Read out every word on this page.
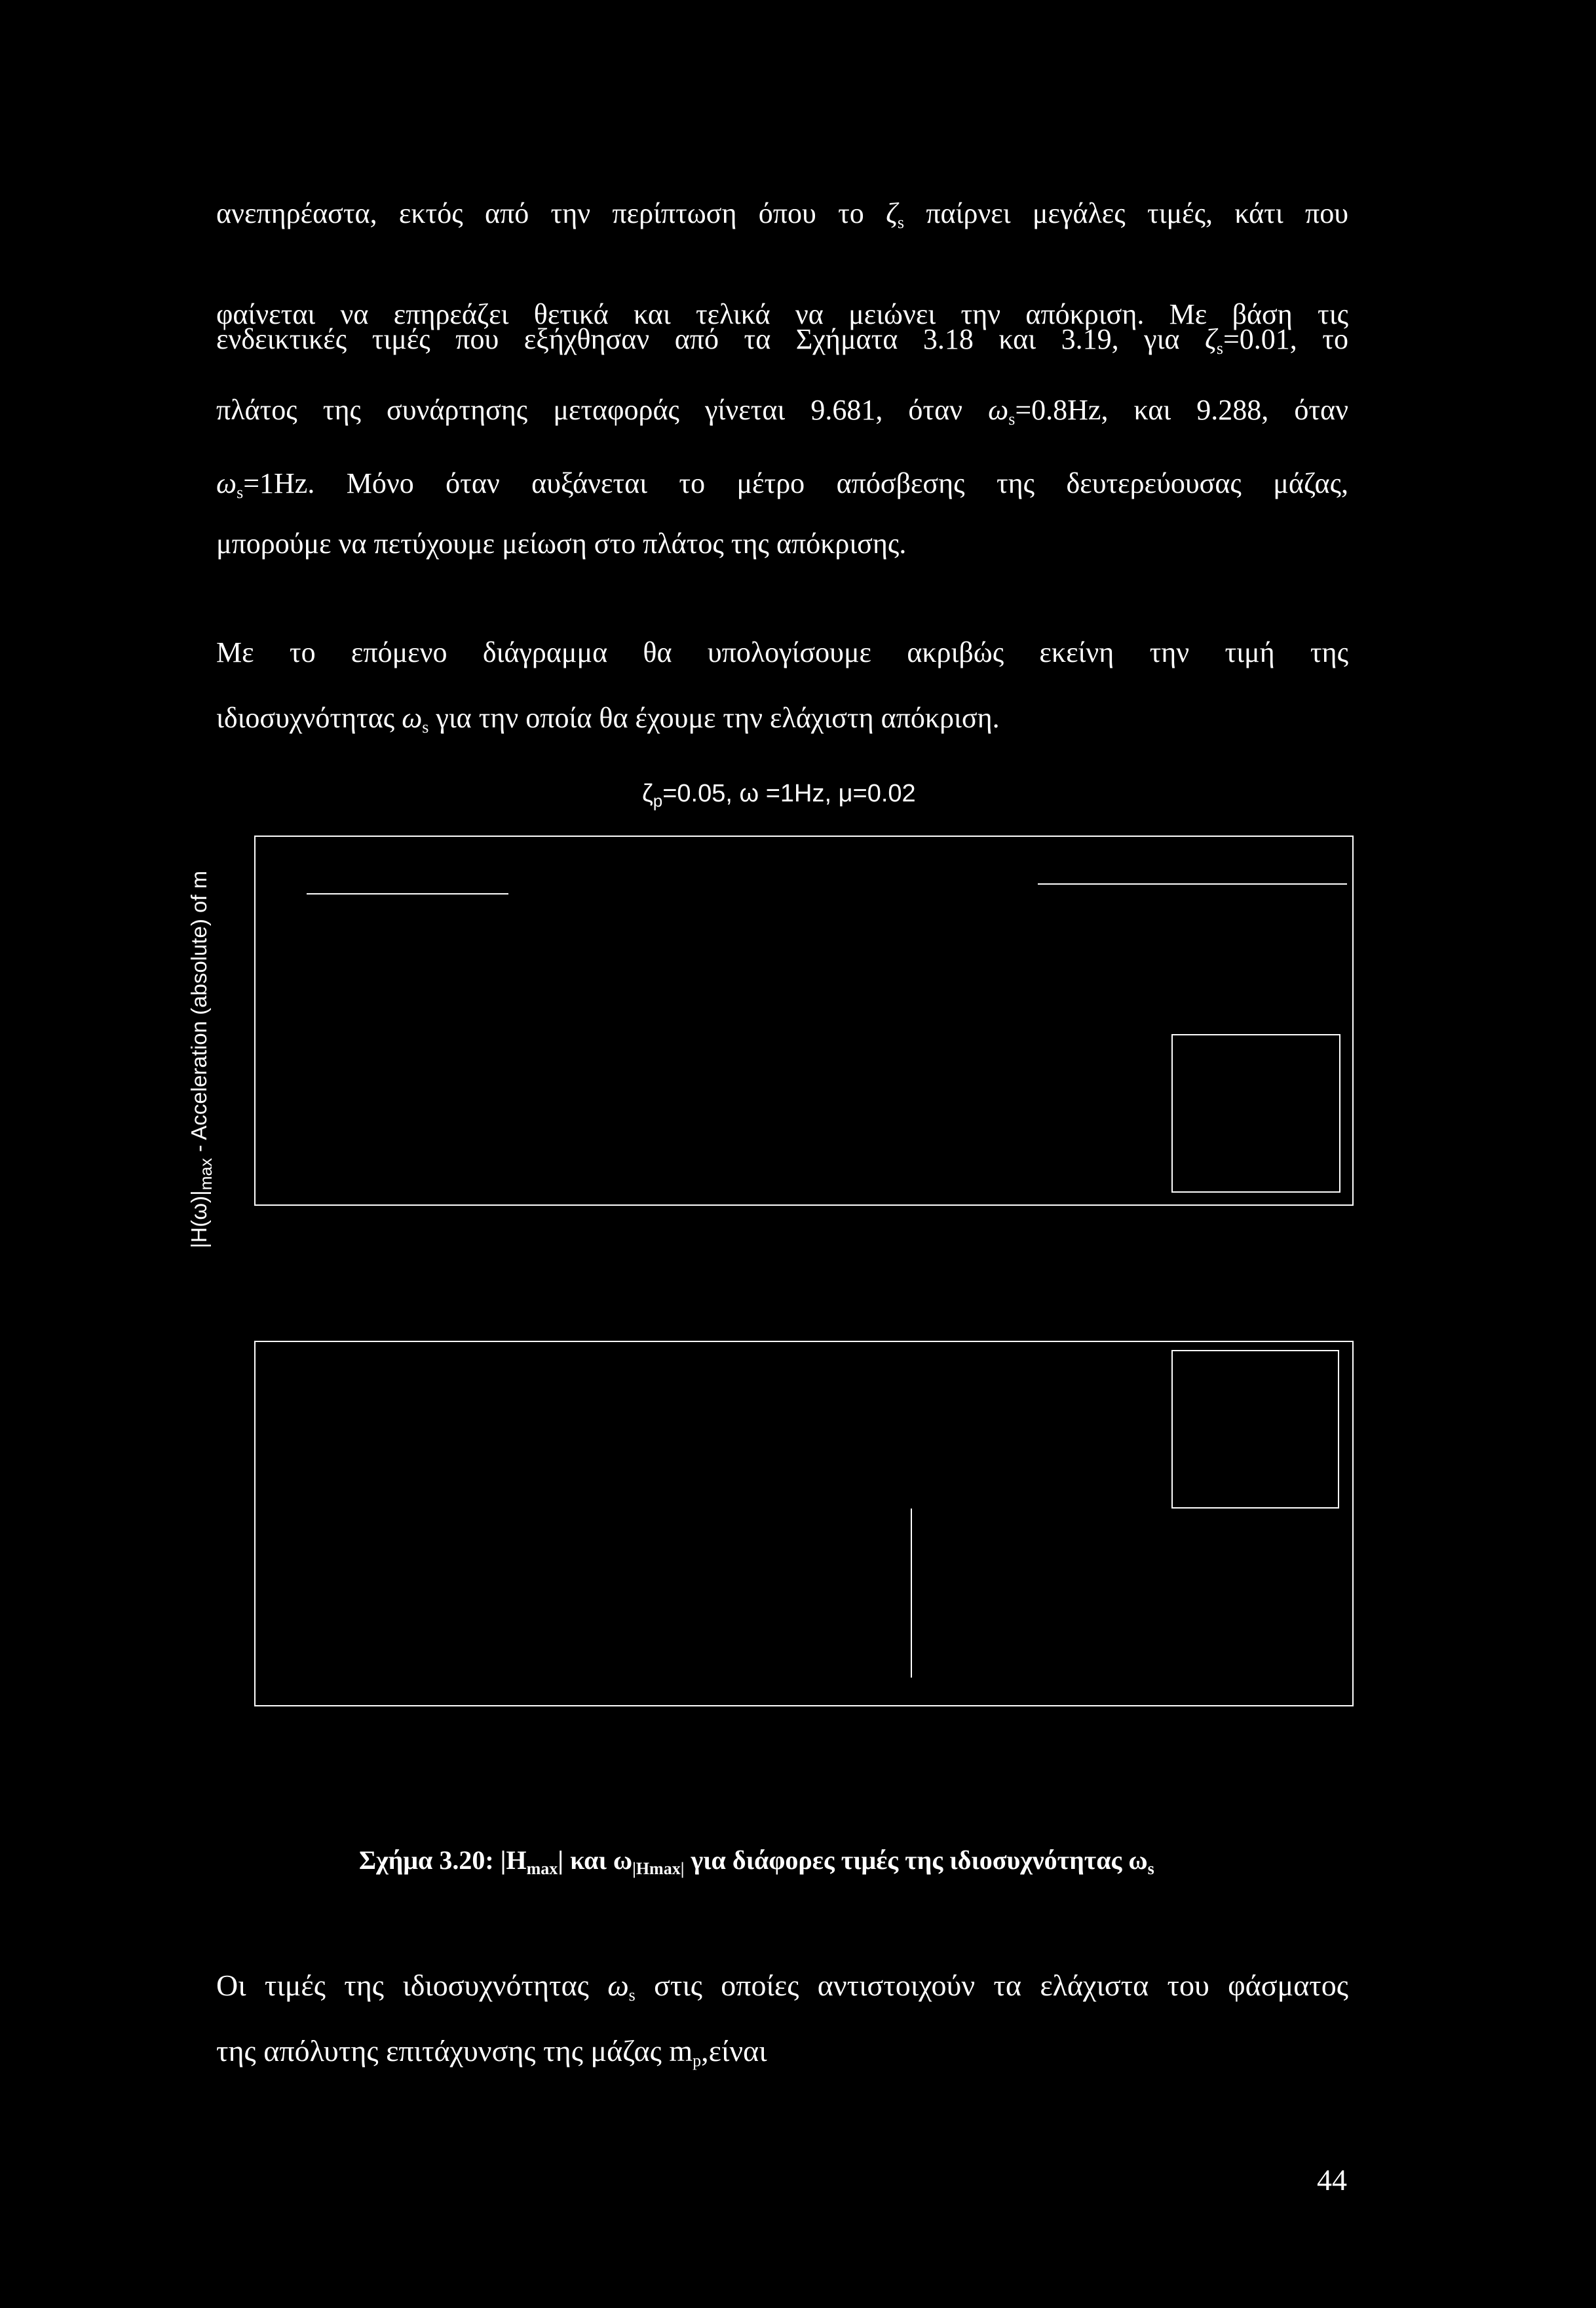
ανεπηρέαστα, εκτός από την περίπτωση όπου το $\zeta_s$ παίρνει μεγάλες τιμές, κάτι που
φαίνεται να επηρεάζει θετικά και τελικά να μειώνει την απόκριση. Με βάση τις
ενδεικτικές τιμές που εξήχθησαν από τα Σχήματα 3.18 και 3.19, για $\zeta_s=0.01$, το
πλάτος της συνάρτησης μεταφοράς γίνεται 9.681, όταν $\omega_s=0.8Hz$, και 9.288, όταν
$\omega_s=1Hz$. Μόνο όταν αυξάνεται το μέτρο απόσβεσης της δευτερεύουσας μάζας,
μπορούμε να πετύχουμε μείωση στο πλάτος της απόκρισης.
Με το επόμενο διάγραμμα θα υπολογίσουμε ακριβώς εκείνη την τιμή της
ιδιοσυχνότητας $\omega_s$ για την οποία θα έχουμε την ελάχιστη απόκριση.
$\zeta_p=0.05$, ω =1Hz, μ=0.02
$|H(\omega)|_{max}$ - Acceleration (absolute) of m
Σχήμα 3.20: $|H_{max}|$ και $\omega_{|Hmax|}$ για διάφορες τιμές της ιδιοσυχνότητας $\omega_s$
Οι τιμές της ιδιοσυχνότητας $\omega_s$ στις οποίες αντιστοιχούν τα ελάχιστα του φάσματος
της απόλυτης επιτάχυνσης της μάζας $m_p,\varepsilon ί\nu\alpha\iota$
44
